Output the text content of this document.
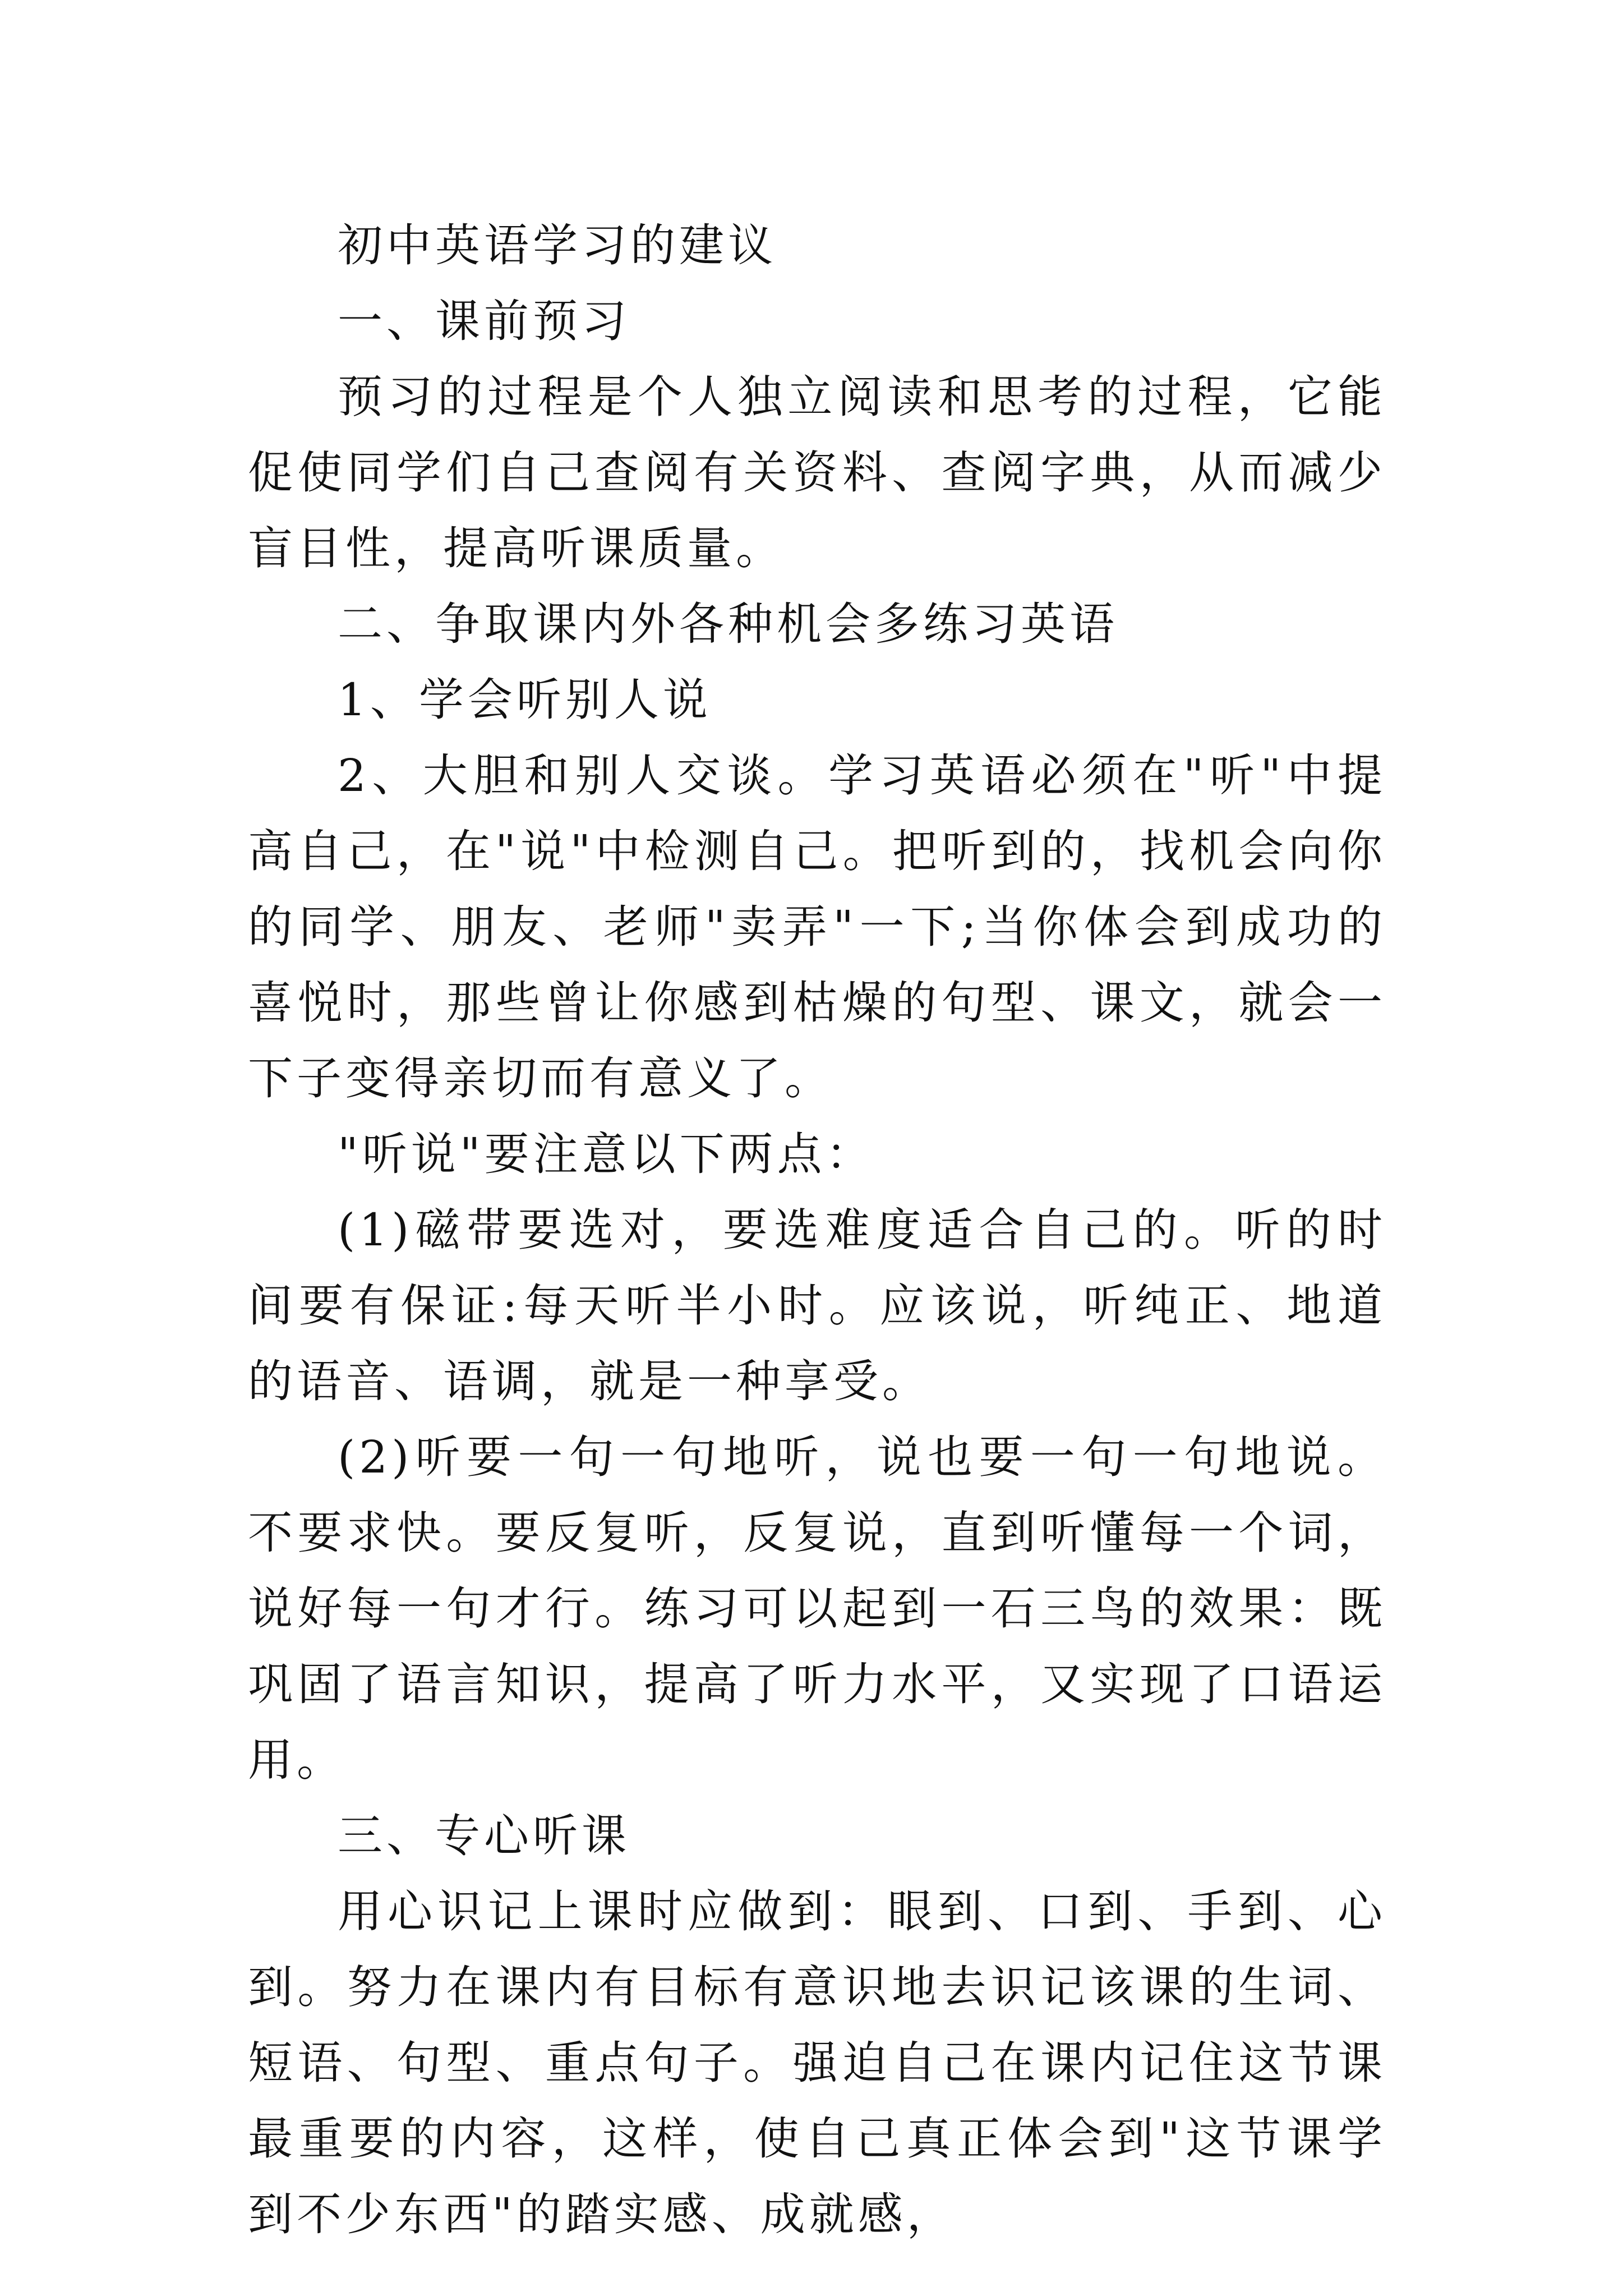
初中英语学习的建议

一、课前预习

预习的过程是个人独立阅读和思考的过程，它能促使同学们自己查阅有关资料、查阅字典，从而减少盲目性，提高听课质量。

二、争取课内外各种机会多练习英语

1、学会听别人说

2、大胆和别人交谈。学习英语必须在"听"中提高自己，在"说"中检测自己。把听到的，找机会向你的同学、朋友、老师"卖弄"一下;当你体会到成功的喜悦时，那些曾让你感到枯燥的句型、课文，就会一下子变得亲切而有意义了。

"听说"要注意以下两点：

(1)磁带要选对，要选难度适合自己的。听的时间要有保证:每天听半小时。应该说，听纯正、地道的语音、语调，就是一种享受。

(2)听要一句一句地听，说也要一句一句地说。不要求快。要反复听，反复说，直到听懂每一个词，说好每一句才行。练习可以起到一石三鸟的效果：既巩固了语言知识，提高了听力水平，又实现了口语运用。

三、专心听课

用心识记上课时应做到：眼到、口到、手到、心到。努力在课内有目标有意识地去识记该课的生词、短语、句型、重点句子。强迫自己在课内记住这节课最重要的内容，这样，使自己真正体会到"这节课学到不少东西"的踏实感、成就感，
